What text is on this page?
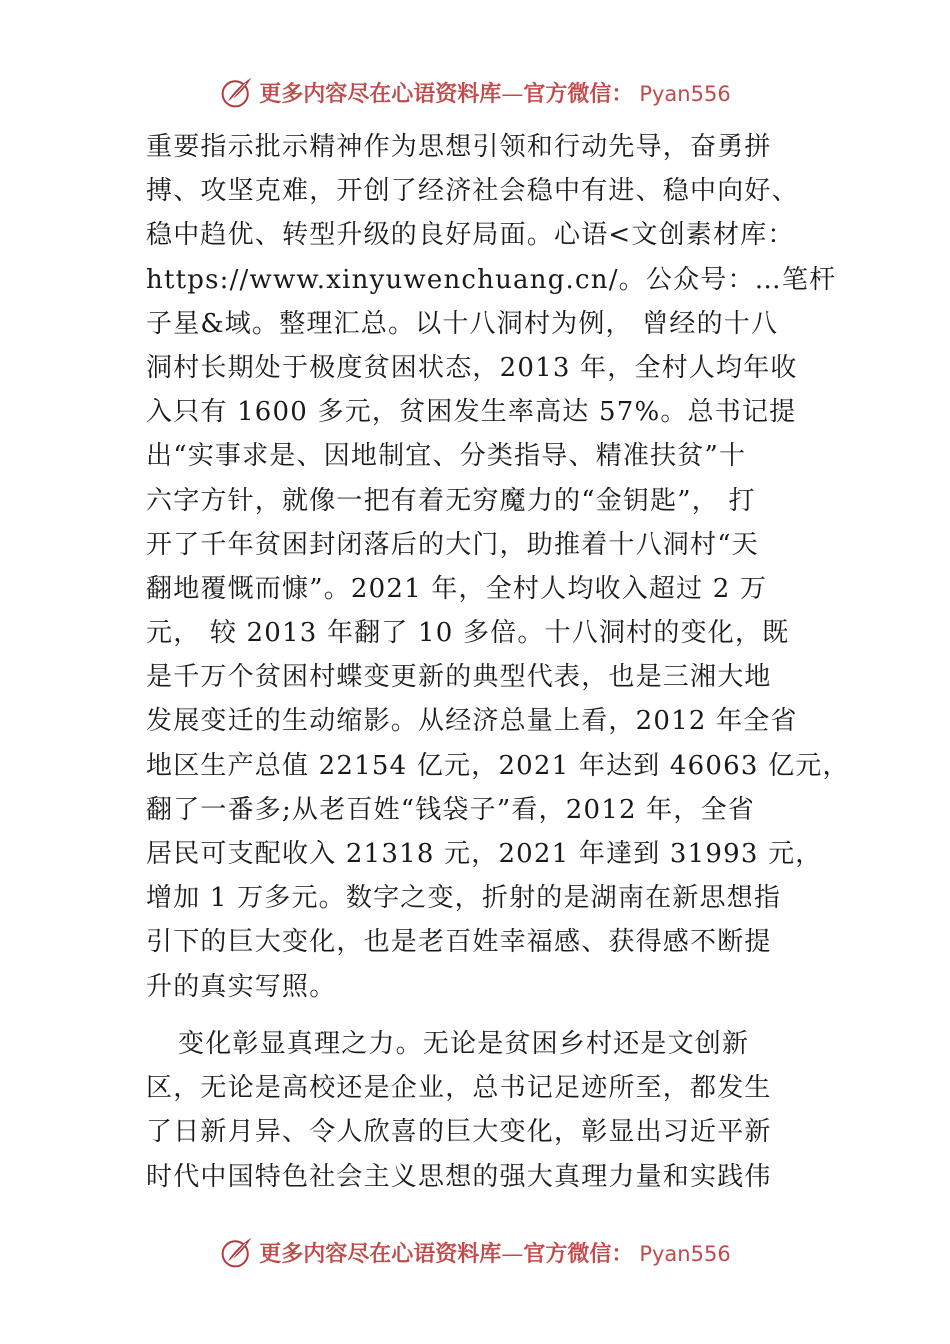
更多内容尽在心语资料库—官方微信： Pyan556
重要指示批示精神作为思想引领和行动先导，奋勇拼
搏、攻坚克难，开创了经济社会稳中有进、稳中向好、
稳中趋优、转型升级的良好局面。心语<文创素材库：
https://www.xinyuwenchuang.cn/。公众号：…笔杆
子星&域。整理汇总。以十八洞村为例， 曾经的十八
洞村长期处于极度贫困状态，2013 年，全村人均年收
入只有 1600 多元，贫困发生率高达 57%。总书记提
出“实事求是、因地制宜、分类指导、精准扶贫”十
六字方针，就像一把有着无穷魔力的“金钥匙”， 打
开了千年贫困封闭落后的大门，助推着十八洞村“天
翻地覆慨而慷”。2021 年，全村人均收入超过 2 万
元， 较 2013 年翻了 10 多倍。十八洞村的变化，既
是千万个贫困村蝶变更新的典型代表，也是三湘大地
发展变迁的生动缩影。从经济总量上看，2012 年全省
地区生产总值 22154 亿元，2021 年达到 46063 亿元，
翻了一番多;从老百姓“钱袋子”看，2012 年，全省
居民可支配收入 21318 元，2021 年達到 31993 元，
增加 1 万多元。数字之变，折射的是湖南在新思想指
引下的巨大变化，也是老百姓幸福感、获得感不断提
升的真实写照。
变化彰显真理之力。无论是贫困乡村还是文创新
区，无论是高校还是企业，总书记足迹所至，都发生
了日新月异、令人欣喜的巨大变化，彰显出习近平新
时代中国特色社会主义思想的强大真理力量和实践伟
更多内容尽在心语资料库—官方微信： Pyan556
